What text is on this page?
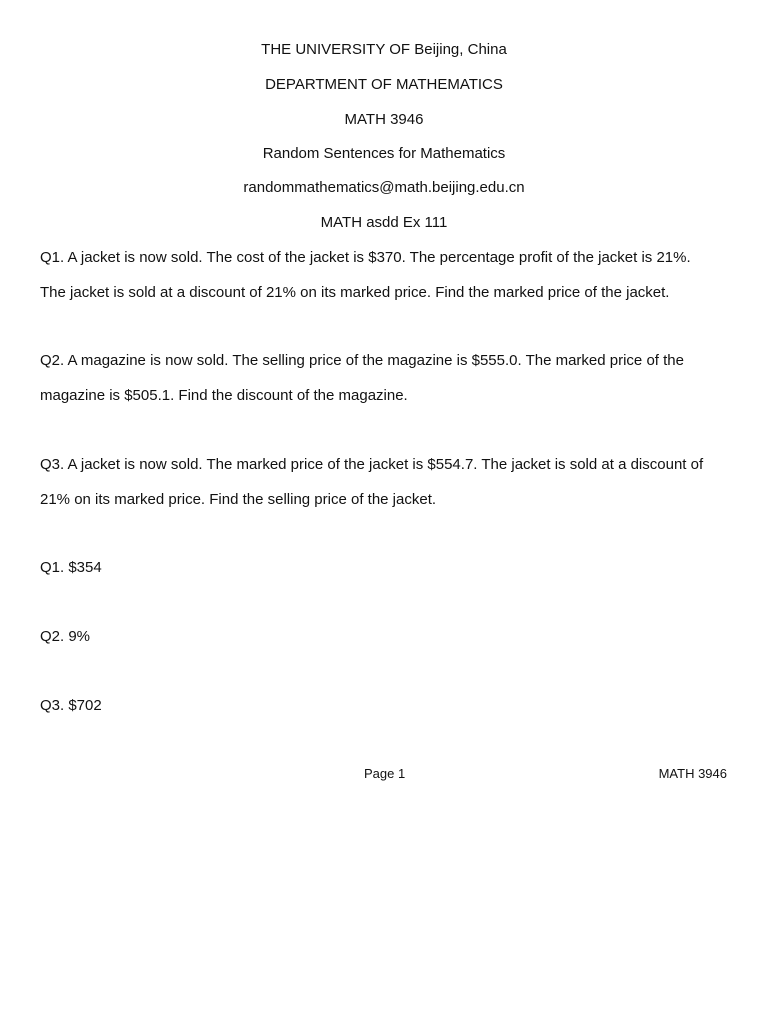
THE UNIVERSITY OF Beijing, China
DEPARTMENT OF MATHEMATICS
MATH 3946
Random Sentences for Mathematics
randommathematics@math.beijing.edu.cn
MATH asdd Ex 111
Q1. A jacket is now sold. The cost of the jacket is $370. The percentage profit of the jacket is 21%.
The jacket is sold at a discount of 21% on its marked price. Find the marked price of the jacket.
Q2. A magazine is now sold. The selling price of the magazine is $555.0. The marked price of the
magazine is $505.1. Find the discount of the magazine.
Q3. A jacket is now sold. The marked price of the jacket is $554.7. The jacket is sold at a discount of
21% on its marked price. Find the selling price of the jacket.
Q1. $354
Q2. 9%
Q3. $702
Page 1	MATH 3946
